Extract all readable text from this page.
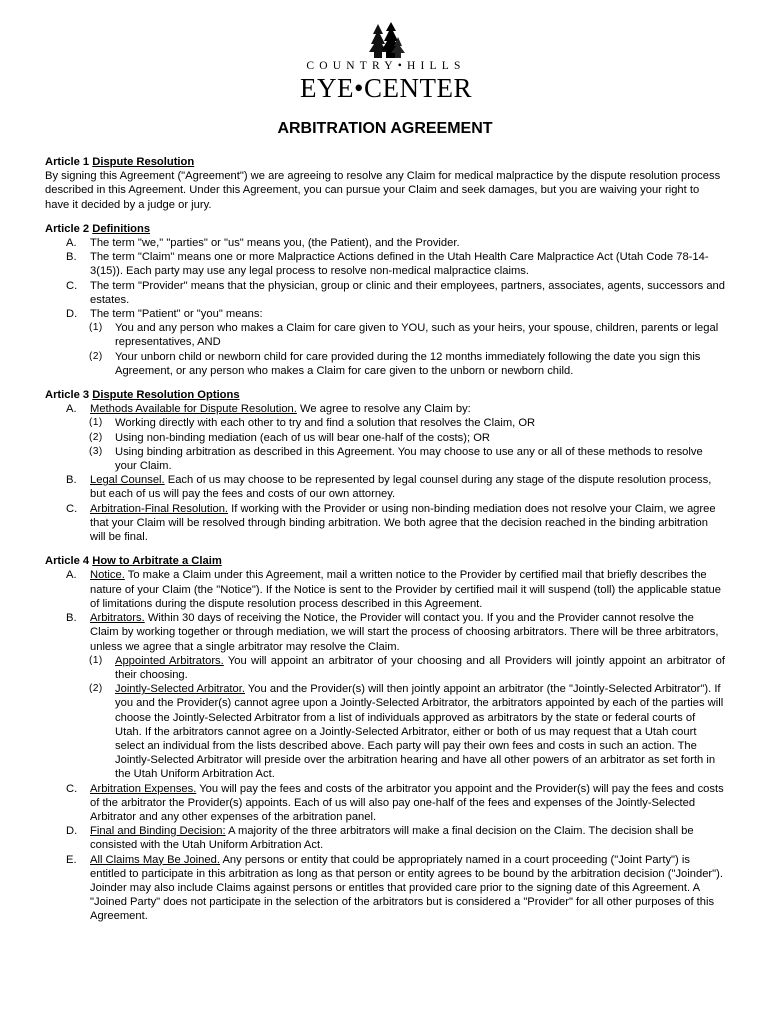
COUNTRY•HILLS
EYE•CENTER
ARBITRATION AGREEMENT
Article 1 Dispute Resolution

By signing this Agreement ("Agreement") we are agreeing to resolve any Claim for medical malpractice by the dispute resolution process described in this Agreement. Under this Agreement, you can pursue your Claim and seek damages, but you are waiving your right to have it decided by a judge or jury.

Article 2 Definitions
A. The term "we," "parties" or "us" means you, (the Patient), and the Provider.
B. The term "Claim" means one or more Malpractice Actions defined in the Utah Health Care Malpractice Act (Utah Code 78-14-3(15)). Each party may use any legal process to resolve non-medical malpractice claims.
C. The term "Provider" means that the physician, group or clinic and their employees, partners, associates, agents, successors and estates.
D. The term "Patient" or "you" means:
(1) You and any person who makes a Claim for care given to YOU, such as your heirs, your spouse, children, parents or legal representatives, AND
(2) Your unborn child or newborn child for care provided during the 12 months immediately following the date you sign this Agreement, or any person who makes a Claim for care given to the unborn or newborn child.
Article 3 Dispute Resolution Options
A. Methods Available for Dispute Resolution. We agree to resolve any Claim by:
(1) Working directly with each other to try and find a solution that resolves the Claim, OR
(2) Using non-binding mediation (each of us will bear one-half of the costs); OR
(3) Using binding arbitration as described in this Agreement. You may choose to use any or all of these methods to resolve your Claim.
B. Legal Counsel. Each of us may choose to be represented by legal counsel during any stage of the dispute resolution process, but each of us will pay the fees and costs of our own attorney.
C. Arbitration-Final Resolution. If working with the Provider or using non-binding mediation does not resolve your Claim, we agree that your Claim will be resolved through binding arbitration. We both agree that the decision reached in the binding arbitration will be final.
Article 4 How to Arbitrate a Claim
A. Notice. To make a Claim under this Agreement, mail a written notice to the Provider by certified mail that briefly describes the nature of your Claim (the "Notice"). If the Notice is sent to the Provider by certified mail it will suspend (toll) the applicable statue of limitations during the dispute resolution process described in this Agreement.
B. Arbitrators. Within 30 days of receiving the Notice, the Provider will contact you. If you and the Provider cannot resolve the Claim by working together or through mediation, we will start the process of choosing arbitrators. There will be three arbitrators, unless we agree that a single arbitrator may resolve the Claim.
(1) Appointed Arbitrators. You will appoint an arbitrator of your choosing and all Providers will jointly appoint an arbitrator of their choosing.
(2) Jointly-Selected Arbitrator. You and the Provider(s) will then jointly appoint an arbitrator (the "Jointly-Selected Arbitrator"). If you and the Provider(s) cannot agree upon a Jointly-Selected Arbitrator, the arbitrators appointed by each of the parties will choose the Jointly-Selected Arbitrator from a list of individuals approved as arbitrators by the state or federal courts of Utah. If the arbitrators cannot agree on a Jointly-Selected Arbitrator, either or both of us may request that a Utah court select an individual from the lists described above. Each party will pay their own fees and costs in such an action. The Jointly-Selected Arbitrator will preside over the arbitration hearing and have all other powers of an arbitrator as set forth in the Utah Uniform Arbitration Act.
C. Arbitration Expenses. You will pay the fees and costs of the arbitrator you appoint and the Provider(s) will pay the fees and costs of the arbitrator the Provider(s) appoints. Each of us will also pay one-half of the fees and expenses of the Jointly-Selected Arbitrator and any other expenses of the arbitration panel.
D. Final and Binding Decision: A majority of the three arbitrators will make a final decision on the Claim. The decision shall be consisted with the Utah Uniform Arbitration Act.
E. All Claims May Be Joined. Any persons or entity that could be appropriately named in a court proceeding ("Joint Party") is entitled to participate in this arbitration as long as that person or entity agrees to be bound by the arbitration decision ("Joinder"). Joinder may also include Claims against persons or entitles that provided care prior to the signing date of this Agreement. A "Joined Party" does not participate in the selection of the arbitrators but is considered a "Provider" for all other purposes of this Agreement.
